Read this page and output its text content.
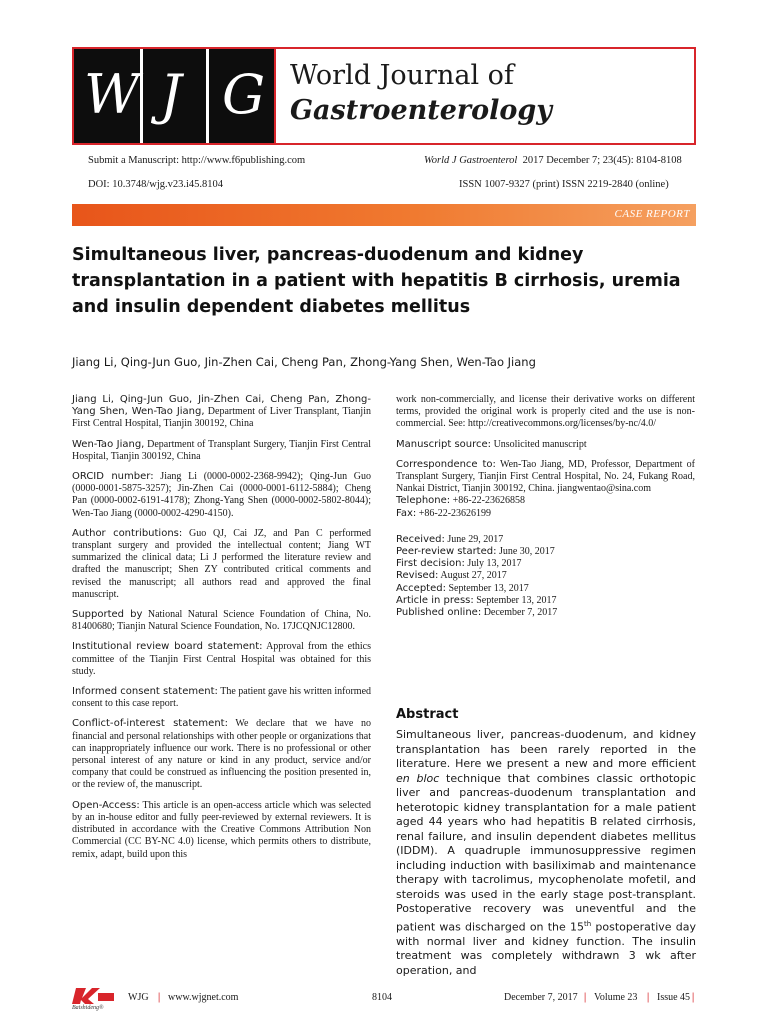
W J G World Journal of
Gastroenterology
Submit a Manuscript: http://www.f6publishing.com	World J Gastroenterol 2017 December 7; 23(45): 8104-8108
DOI: 10.3748/wjg.v23.i45.8104	ISSN 1007-9327 (print) ISSN 2219-2840 (online)
CASE REPORT
Simultaneous liver, pancreas-duodenum and kidney transplantation in a patient with hepatitis B cirrhosis, uremia and insulin dependent diabetes mellitus
Jiang Li, Qing-Jun Guo, Jin-Zhen Cai, Cheng Pan, Zhong-Yang Shen, Wen-Tao Jiang

Jiang Li, Qing-Jun Guo, Jin-Zhen Cai, Cheng Pan, Zhong-Yang Shen, Wen-Tao Jiang, Department of Liver Transplant, Tianjin First Central Hospital, Tianjin 300192, China

Wen-Tao Jiang, Department of Transplant Surgery, Tianjin First Central Hospital, Tianjin 300192, China

ORCID number: Jiang Li (0000-0002-2368-9942); Qing-Jun Guo (0000-0001-5875-3257); Jin-Zhen Cai (0000-0001-6112-5884); Cheng Pan (0000-0002-6191-4178); Zhong-Yang Shen (0000-0002-5802-8044); Wen-Tao Jiang (0000-0002-4290-4150).

Author contributions: Guo QJ, Cai JZ, and Pan C performed transplant surgery and provided the intellectual content; Jiang WT summarized the clinical data; Li J performed the literature review and drafted the manuscript; Shen ZY contributed critical comments and revised the manuscript; all authors read and approved the final manuscript.

Supported by National Natural Science Foundation of China, No. 81400680; Tianjin Natural Science Foundation, No. 17JCQNJC12800.

Institutional review board statement: Approval from the ethics committee of the Tianjin First Central Hospital was obtained for this study.

Informed consent statement: The patient gave his written informed consent to this case report.

Conflict-of-interest statement: We declare that we have no financial and personal relationships with other people or organizations that can inappropriately influence our work. There is no professional or other personal interest of any nature or kind in any product, service and/or company that could be construed as influencing the position presented in, or the review of, the manuscript.

Open-Access: This article is an open-access article which was selected by an in-house editor and fully peer-reviewed by external reviewers. It is distributed in accordance with the Creative Commons Attribution Non Commercial (CC BY-NC 4.0) license, which permits others to distribute, remix, adapt, build upon this

work non-commercially, and license their derivative works on different terms, provided the original work is properly cited and the use is non-commercial. See: http://creativecommons.org/licenses/by-nc/4.0/

Manuscript source: Unsolicited manuscript

Correspondence to: Wen-Tao Jiang, MD, Professor, Department of Transplant Surgery, Tianjin First Central Hospital, No. 24, Fukang Road, Nankai District, Tianjin 300192, China. jiangwentao@sina.com
Telephone: +86-22-23626858
Fax: +86-22-23626199

Received: June 29, 2017
Peer-review started: June 30, 2017
First decision: July 13, 2017
Revised: August 27, 2017
Accepted: September 13, 2017
Article in press: September 13, 2017
Published online: December 7, 2017
Abstract
Simultaneous liver, pancreas-duodenum, and kidney transplantation has been rarely reported in the literature. Here we present a new and more efficient en bloc technique that combines classic orthotopic liver and pancreas-duodenum transplantation and heterotopic kidney transplantation for a male patient aged 44 years who had hepatitis B related cirrhosis, renal failure, and insulin dependent diabetes mellitus (IDDM). A quadruple immunosuppressive regimen including induction with basiliximab and maintenance therapy with tacrolimus, mycophenolate mofetil, and steroids was used in the early stage post-transplant. Postoperative recovery was uneventful and the patient was discharged on the 15th postoperative day with normal liver and kidney function. The insulin treatment was completely withdrawn 3 wk after operation, and
Baishideng®
WJG | www.wjgnet.com	8104	December 7, 2017 | Volume 23 | Issue 45 |
